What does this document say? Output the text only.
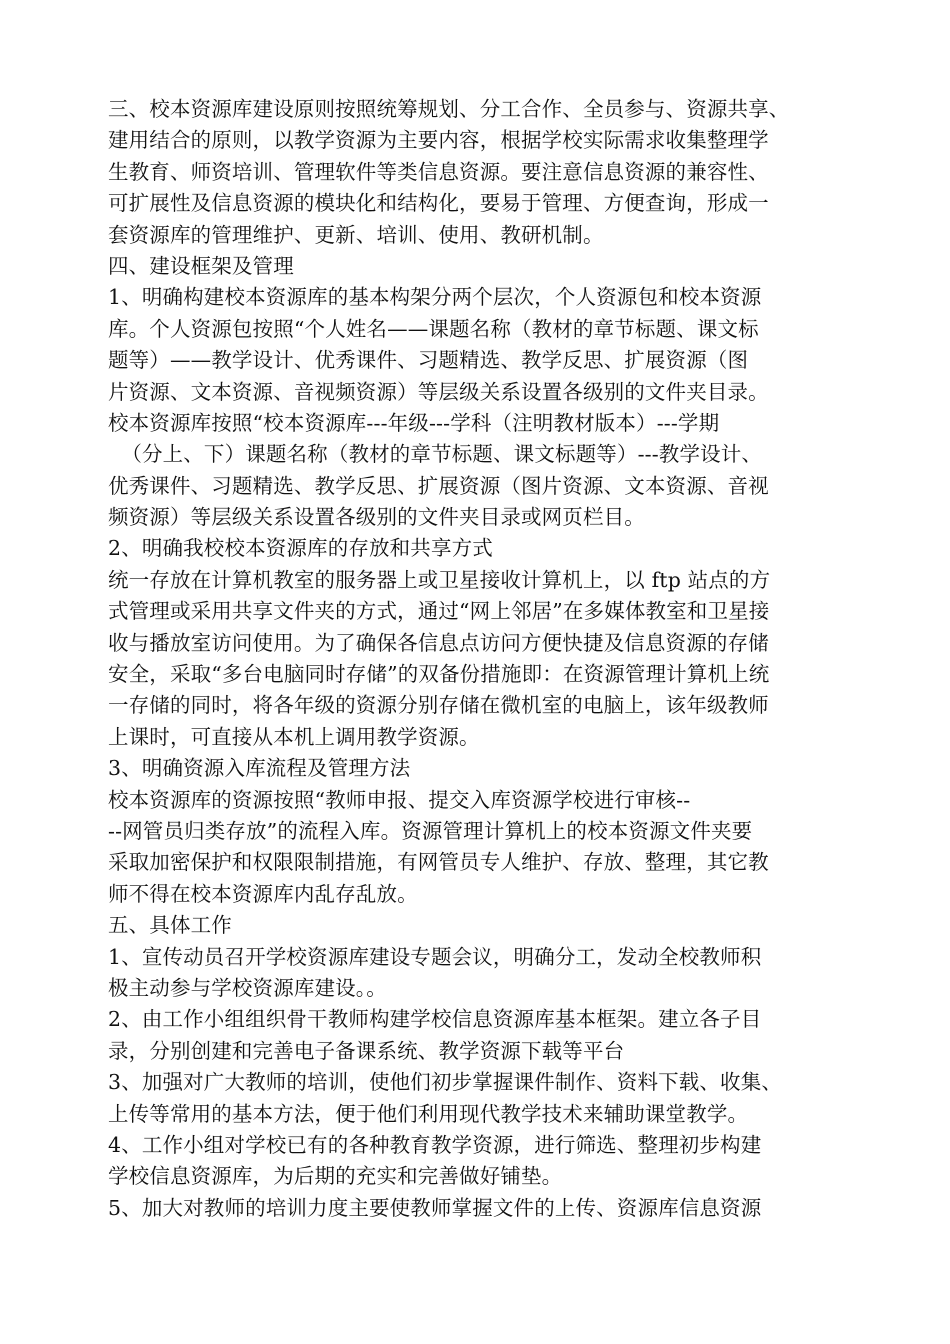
三、校本资源库建设原则按照统筹规划、分工合作、全员参与、资源共享、
建用结合的原则，以教学资源为主要内容，根据学校实际需求收集整理学
生教育、师资培训、管理软件等类信息资源。要注意信息资源的兼容性、
可扩展性及信息资源的模块化和结构化，要易于管理、方便查询，形成一
套资源库的管理维护、更新、培训、使用、教研机制。
四、建设框架及管理
1、明确构建校本资源库的基本构架分两个层次，个人资源包和校本资源
库。个人资源包按照“个人姓名——课题名称（教材的章节标题、课文标
题等）——教学设计、优秀课件、习题精选、教学反思、扩展资源（图
片资源、文本资源、音视频资源）等层级关系设置各级别的文件夹目录。
校本资源库按照“校本资源库---年级---学科（注明教材版本）---学期
（分上、下）课题名称（教材的章节标题、课文标题等）---教学设计、
优秀课件、习题精选、教学反思、扩展资源（图片资源、文本资源、音视
频资源）等层级关系设置各级别的文件夹目录或网页栏目。
2、明确我校校本资源库的存放和共享方式
统一存放在计算机教室的服务器上或卫星接收计算机上，以 ftp 站点的方
式管理或采用共享文件夹的方式，通过“网上邻居”在多媒体教室和卫星接
收与播放室访问使用。为了确保各信息点访问方便快捷及信息资源的存储
安全，采取“多台电脑同时存储”的双备份措施即：在资源管理计算机上统
一存储的同时，将各年级的资源分别存储在微机室的电脑上，该年级教师
上课时，可直接从本机上调用教学资源。
3、明确资源入库流程及管理方法
校本资源库的资源按照“教师申报、提交入库资源学校进行审核--
--网管员归类存放”的流程入库。资源管理计算机上的校本资源文件夹要
采取加密保护和权限限制措施，有网管员专人维护、存放、整理，其它教
师不得在校本资源库内乱存乱放。
五、具体工作
1、宣传动员召开学校资源库建设专题会议，明确分工，发动全校教师积
极主动参与学校资源库建设。。
2、由工作小组组织骨干教师构建学校信息资源库基本框架。建立各子目
录，分别创建和完善电子备课系统、教学资源下载等平台
3、加强对广大教师的培训，使他们初步掌握课件制作、资料下载、收集、
上传等常用的基本方法，便于他们利用现代教学技术来辅助课堂教学。
4、工作小组对学校已有的各种教育教学资源，进行筛选、整理初步构建
学校信息资源库，为后期的充实和完善做好铺垫。
5、加大对教师的培训力度主要使教师掌握文件的上传、资源库信息资源
